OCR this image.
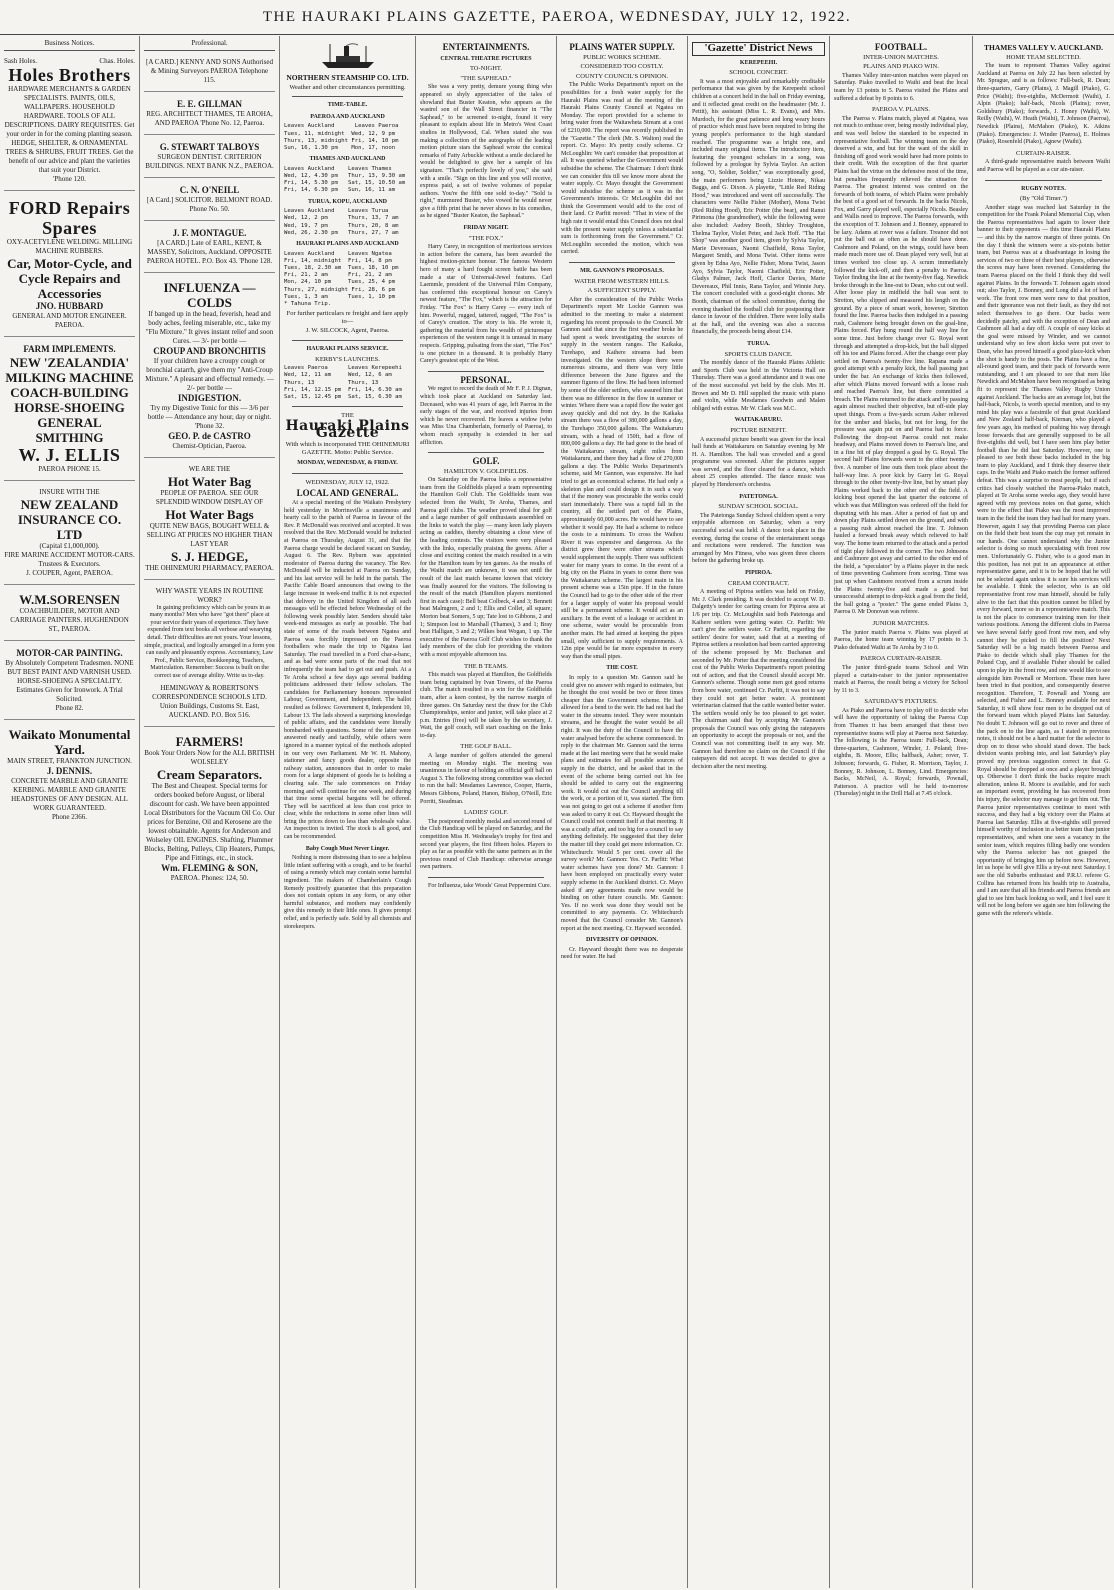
THE HAURAKI PLAINS GAZETTE, PAEROA, WEDNESDAY, JULY 12, 1922.
Business Notices.
Sash Holes.	Chas. Holes.
Holes Brothers
HARDWARE MERCHANTS & GARDEN SPECIALISTS. PAINTS, OILS, WALLPAPERS. HOUSEHOLD HARDWARE. TOOLS OF ALL DESCRIPTIONS. DAIRY REQUISITES. Get your order in for the coming planting season. HEDGE, SHELTER, & ORNAMENTAL TREES & SHRUBS, FRUIT TREES. Get the benefit of our advice and plant the varieties that suit your District.
'Phone 120.
FORD Repairs Spares
OXY-ACETYLENE WELDING. MILLING MACHINE RUBBERS.
Car, Motor-Cycle, and Cycle Repairs and Accessories
JNO. HUBBARD
GENERAL AND MOTOR ENGINEER. PAEROA.
FARM IMPLEMENTS.
NEW 'ZEALANDIA' MILKING MACHINE
COACH-BUILDING HORSE-SHOEING GENERAL SMITHING
W. J. ELLIS
PAEROA PHONE 15.
INSURE WITH THE
NEW ZEALAND INSURANCE CO. LTD
(Capital £1,000,000).
FIRE MARINE ACCIDENT MOTOR-CARS. Trustees & Executors.
J. COUPER, Agent, PAEROA.
W.M.SORENSEN
COACHBUILDER, MOTOR AND CARRIAGE PAINTERS. HUGHENDON ST., PAEROA.
MOTOR-CAR PAINTING.
By Absolutely Competent Tradesmen. NONE BUT BEST PAINT AND VARNISH USED. HORSE-SHOEING A SPECIALITY. Estimates Given for Ironwork. A Trial Solicited.
Phone 82.
Waikato Monumental Yard.
MAIN STREET, FRANKTON JUNCTION.
J. DENNIS.
CONCRETE MARBLE AND GRANITE KERBING. MARBLE AND GRANITE HEADSTONES OF ANY DESIGN. ALL WORK GUARANTEED.
Phone 2366.
Professional.
[A CARD.] KENNY AND SONS Authorised & Mining Surveyors PAEROA Telephone 115.
E. E. GILLMAN
REG. ARCHITECT THAMES, TE AROHA, AND PAEROA 'Phone No. 12, Paeroa.
G. STEWART TALBOYS
SURGEON DENTIST. CRITERION BUILDINGS. NEXT BANK N.Z., PAEROA.
C. N. O'NEILL
[A Card.] SOLICITOR. BELMONT ROAD. Phone No. 50.
J. F. MONTAGUE.
[A CARD.] Late of EARL, KENT, & MASSEY, Solicitors, Auckland. OPPOSITE PAEROA HOTEL. P.O. Box 43. 'Phone 128.
INFLUENZA — COLDS
If banged up in the head, feverish, head and body aches, feeling miserable, etc., take my "Flu Mixture." It gives instant relief and soon Cures. — 3/- per bottle —
CROUP AND BRONCHITIS
If your children have a croupy cough or bronchial catarrh, give them my "Anti-Croup Mixture." A pleasant and effectual remedy. — 2/- per bottle —
INDIGESTION.
Try my Digestive Tonic for this — 3/6 per bottle — Attendance any hour, day or night. 'Phone 32.
GEO. P. de CASTRO
Chemist-Optician, Paeroa.
WE ARE THE
Hot Water Bag
PEOPLE OF PAEROA. SEE OUR SPLENDID WINDOW DISPLAY OF
Hot Water Bags
QUITE NEW BAGS, BOUGHT WELL & SELLING AT PRICES NO HIGHER THAN LAST YEAR
S. J. HEDGE,
THE OHINEMURI PHARMACY, PAEROA.
WHY WASTE YEARS IN ROUTINE WORK?
In gaining proficiency which can be yours in as many months? Men who have "got there" place at your service their years of experience. They have expended from text books all verbose and wearying detail. Their difficulties are not yours. Your lessons, simple, practical, and logically arranged in a form you can easily and pleasantly express. Accountancy, Law Prof., Public Service, Bookkeeping, Teachers, Matriculation. Remember: Success is built on the correct use of average ability. Write us to-day.
HEMINGWAY & ROBERTSON'S CORRESPONDENCE SCHOOLS LTD.
Union Buildings, Customs St. East, AUCKLAND. P.O. Box 516.
FARMERS!
Book Your Orders Now for the ALL BRITISH WOLSELEY
Cream Separators.
The Best and Cheapest. Special terms for orders booked before August, or liberal discount for cash. We have been appointed Local Distributors for the Vacuum Oil Co. Our prices for Benzine, Oil and Kerosene are the lowest obtainable. Agents for Anderson and Wolseley OIL ENGINES. Shafting, Plummer Blocks, Belting, Pulleys, Clip Heaters, Pumps, Pipe and Fittings, etc., in stock.
Wm. FLEMING & SON,
PAEROA. Phones: 124, 50.
NORTHERN STEAMSHIP CO. LTD.
Weather and other circumstances permitting.
TIME-TABLE.
PAEROA AND AUCKLAND
Leaves Auckland      Leaves Paeroa
Tues, 11, midnight  Wed, 12, 9 pm
Thurs, 13, midnight Fri, 14, 10 pm
Sun, 16, 1.30 pm    Mon, 17, noon
THAMES AND AUCKLAND
Leaves Auckland    Leaves Thames
Wed, 12, 4.30 pm   Thur, 13, 9.30 am
Fri, 14, 5.30 pm   Sat, 15, 10.50 am
Fri, 14, 6.30 pm   Sun, 16, 11 am
TURUA, KOPU, AUCKLAND
Leaves Auckland    Leaves Turua
Wed, 12, 2 pm      Thurs, 13, 7 am
Wed, 19, 7 pm      Thurs, 20, 8 am
Wed, 26, 2.30 pm   Thurs, 27, 7 am
HAURAKI PLAINS AND AUCKLAND
Leaves Auckland    Leaves Ngatea
Fri, 14, midnight  Fri, 14, 8 pm
Tues, 18, 2.30 am  Tues, 18, 10 pm
Fri, 21, 2 am      Fri, 21, 2 am
Mon, 24, 10 pm     Tues, 25, 4 pm
Thurs, 27, midnight Fri, 28, 6 pm
Tues, 1, 3 am      Tues, 1, 10 pm
* Tahuna Trip.
For further particulars re freight and fare apply to—
J. W. SILCOCK, Agent, Paeroa.
HAURAKI PLAINS SERVICE.
KERBY'S LAUNCHES.
Leaves Paeroa      Leaves Kerepeehi
Wed, 12, 11 am     Wed, 12, 6 am
Thurs, 13          Thurs, 13
Fri, 14, 12.15 pm  Fri, 14, 6.30 am
Sat, 15, 12.45 pm  Sat, 15, 6.30 am
THE
Hauraki Plains Gazette
With which is incorporated THE OHINEMURI GAZETTE. Motto: Public Service.
MONDAY, WEDNESDAY, & FRIDAY.
WEDNESDAY, JULY 12, 1922.
LOCAL AND GENERAL.
At a special meeting of the Waikato Presbytery held yesterday in Morrinsville a unanimous and hearty call to the parish of Paeroa in favour of the Rev. P. McDonald was received and accepted. It was resolved that the Rev. McDonald would be inducted at Paeroa on Thursday, August 31, and that the Paeroa charge would be declared vacant on Sunday, August 6. The Rev. Ryburn was appointed moderator of Paeroa during the vacancy. The Rev. McDonald will be inducted at Paeroa on Sunday, and his last service will be held in the parish. The Pacific Cable Board announces that owing to the large increase in week-end traffic it is not expected that delivery in the United Kingdom of all such messages will be effected before Wednesday of the following week possibly later. Senders should take week-end messages as early as possible. The bad state of some of the roads between Ngatea and Paeroa was forcibly impressed on the Paeroa footballers who made the trip to Ngatea last Saturday. The road travelled in a Ford char-a-banc, and as bad were some parts of the road that not infrequently the team had to get out and push. At a Te Aroha school a few days ago several budding politicians addressed their fellow scholars. The candidates for Parliamentary honours represented Labour, Government, and Independent. The ballot resulted as follows: Government 8, Independent 10, Labour 13. The lads showed a surprising knowledge of public affairs, and the candidates were literally bombarded with questions. Some of the latter were answered neatly and tactfully, while others were ignored in a manner typical of the methods adopted in our very own Parliament. Mr W. H. Mahony, stationer and fancy goods dealer, opposite the railway station, announces that in order to make room for a large shipment of goods he is holding a clearing sale. The sale commences on Friday morning and will continue for one week, and during that time some special bargains will be offered. They will be sacrificed at less than cost price to clear, while the reductions in some other lines will bring the prices down to less than wholesale value. An inspection is invited. The stock is all good, and can be recommended.
Baby Cough Must Never Linger.
Nothing is more distressing than to see a helpless little infant suffering with a cough, and to be fearful of using a remedy which may contain some harmful ingredient. The makers of Chamberlain's Cough Remedy positively guarantee that this preparation does not contain opium in any form, or any other harmful substance, and mothers may confidently give this remedy to their little ones. It gives prompt relief, and is perfectly safe. Sold by all chemists and storekeepers.
ENTERTAINMENTS.
CENTRAL THEATRE PICTURES
TO-NIGHT.
"THE SAPHEAD."
She was a very pretty, demure young thing who appeared so shyly appreciative of the tales of showland that Buster Keaton, who appears as the wastrel son of the Wall Street financier in "The Saphead," to be screened to-night, found it very pleasant to explain about life in Metro's West Coast studios in Hollywood, Cal. When stated she was making a collection of the autographs of the leading motion picture stars the Saphead wrote the comical remarks of Fatty Arbuckle without a smile declared he would be delighted to give her a sample of his signature. "That's perfectly lovely of you," she said with a smile. "Sign on this line and you will receive, express paid, a set of twelve volumes of popular authors. You're the fifth one sold to-day." "Sold is right," murmured Buster, who vowed he would never give a fifth print that he never shows in his comedies, as he signed "Buster Keaton, the Saphead."
FRIDAY NIGHT.
"THE FOX."
Harry Carey, in recognition of meritorious services in action before the camera, has been awarded the highest motion-picture honour. The famous Western hero of many a hard fought screen battle has been made a star of Universal-Jewel features. Carl Laemmle, president of the Universal Film Company, has conferred this exceptional honour on Carey's newest feature, "The Fox," which is the attraction for Friday. "The Fox" is Harry Carey — every inch of him. Powerful, rugged, tattered, ragged, "The Fox" is of Carey's creation. The story is his. He wrote it, gathering the material from his wealth of picturesque experiences of the western range it is unusual in many respects. Gripping, pulsating from the start, "The Fox" is one picture in a thousand. It is probably Harry Carey's greatest epic of the West.
PERSONAL.
We regret to record the death of Mr F. P. J. Dignan, which took place at Auckland on Saturday last. Deceased, who was 41 years of age, left Paeroa in the early stages of the war, and received injuries from which he never recovered. He leaves a widow (who was Miss Una Chamberlain, formerly of Paeroa), to whom much sympathy is extended in her sad affliction.
GOLF.
HAMILTON V. GOLDFIELDS.
On Saturday on the Paeroa links a representative team from the Goldfields played a team representing the Hamilton Golf Club. The Goldfields team was selected from the Waihi, Te Aroha, Thames, and Paeroa golf clubs. The weather proved ideal for golf and a large number of golf enthusiasts assembled on the links to watch the play — many keen lady players acting as caddies, thereby obtaining a close view of the leading contests. The visitors were very pleased with the links, especially praising the greens. After a close and exciting contest the match resulted in a win for the Hamilton team by ten games. As the results of the Waihi match are unknown, it was not until the result of the last match became known that victory was finally assured for the visitors. The following is the result of the match (Hamilton players mentioned first in each case): Bell beat Colbeck, 4 and 3; Bennett beat Malmgren, 2 and 1; Ellis and Collet, all square; Morton beat Somers, 5 up; Tate lost to Gibbons, 2 and 1; Simpson lost to Marshall (Thames), 3 and 1; Bray beat Halligan, 3 and 2; Wilkes beat Wogan, 1 up. The executive of the Paeroa Golf Club wishes to thank the lady members of the club for providing the visitors with a most enjoyable afternoon tea.
THE B TEAMS.
This match was played at Hamilton, the Goldfields team being captained by Ivan Towers, of the Paeroa club. The match resulted in a win for the Goldfields team, after a keen contest, by the narrow margin of three games. On Saturday next the draw for the Club Championships, senior and junior, will take place at 2 p.m. Entries (free) will be taken by the secretary, J. Watt, the golf couch, will start coaching on the links to-day.
THE GOLF BALL.
A large number of golfers attended the general meeting on Monday night. The meeting was unanimous in favour of holding an official golf ball on August 3. The following strong committee was elected to run the ball: Mesdames Lawrence, Cooper, Harris, Messrs Gibbons, Poland, Hanon, Bishop, O'Neill, Eric Porritt, Steadman.
LADIES' GOLF.
The postponed monthly medal and second round of the Club Handicap will be played on Saturday, and the competition Miss H. Wednesday's trophy for first and second year players, the first fifteen holes. Players to play as far as possible with the same partners as in the previous round of Club Handicap: otherwise arrange own partners.
For Influenza, take Woods' Great Peppermint Cure.
PLAINS WATER SUPPLY.
PUBLIC WORKS SCHEME.
CONSIDERED TOO COSTLY.
COUNTY COUNCIL'S OPINION.
The Public Works Department's report on the possibilities for a fresh water supply for the Hauraki Plains was read at the meeting of the Hauraki Plains County Council at Ngatea on Monday. The report provided for a scheme to bring water from the Waitawheta Stream at a cost of £210,000. The report was recently published in the "Gazette." The clerk (Mr. S. Walton) read the report. Cr. Mayo: It's pretty costly scheme. Cr McLoughlin: We can't consider that proposition at all. It was queried whether the Government would subsidise the scheme. The Chairman: I don't think we can consider this till we know more about the water supply. Cr. Mayo thought the Government would subsidise the scheme as it was in the Government's interests. Cr McLoughlin did not think the Government would add to the cost of their land. Cr Parfitt moved: "That in view of the high rate it would entail this Council does not deal with the present water supply unless a substantial sum is forthcoming from the Government." Cr. McLoughlin seconded the motion, which was carried.
MR. GANNON'S PROPOSALS.
WATER FROM WESTERN HILLS.
A SUFFICIENT SUPPLY.
After the consideration of the Public Works Department's report Mr Lockie Gannon was admitted to the meeting to make a statement regarding his recent proposals to the Council. Mr Gannon said that since the first weather broke he had spent a week investigating the sources of supply in the western ranges. The Kaikaka, Turehapo, and Kaihere streams had been investigated. On the western slope there were numerous streams, and there was very little difference between the June figures and the summer figures of the flow. He had been informed by some of the older settlers, who assured him that there was no difference in the flow in summer or winter. Where there was a rapid flow the water got away quickly and did not dry. In the Kaikaka stream there was a flow of 380,000 gallons a day, the Turehapo 350,000 gallons. The Waitakaruru stream, with a head of 150ft, had a flow of 800,000 gallons a day. He had gone to the head of the Waitakaruru stream, eight miles from Waitakaruru, and there they had a flow of 270,000 gallons a day. The Public Works Department's scheme, said Mr Gannon, was expensive. He had tried to get an economical scheme. He had only a skeleton plan and could design it in such a way that if the money was procurable the works could start immediately. There was a rapid fall in the country, all the settled part of the Plains, approximately 60,000 acres. He would have to see whether it would pay. He had a scheme to reduce the costs to a minimum. To cross the Waihou River it was expensive and dangerous. As the district grew there were other streams which would supplement the supply. There was sufficient water for many years to come. In the event of a big city on the Plains in years to come there was the Waitakaruru scheme. The largest main in his present scheme was a 15in pipe. If in the future the Council had to go to the other side of the river for a larger supply of water his proposal would still be a permanent scheme. It would act as an auxiliary. In the event of a leakage or accident in one scheme, water would be procurable from another main. He had aimed at keeping the pipes small, only sufficient to supply requirements. A 12in pipe would be far more expensive in every way than the small pipes.
THE COST.
In reply to a question Mr. Gannon said he could give no answer with regard to estimates, but he thought the cost would be two or three times cheaper than the Government scheme. He had allowed for a bend to the weir. He had not had the water in the streams tested. They were mountain streams, and he thought the water would be all right. It was the duty of the Council to have the water analysed before the scheme commenced. In reply to the chairman Mr. Gannon said the terms made at the last meeting were that he would make plans and estimates for all possible sources of supply in the district, and he asked that in the event of the scheme being carried out his fee should be added to carry out the engineering work. It would cut out the Council anything till the work, or a portion of it, was started. The firm was not going to get out a scheme if another firm was asked to carry it out. Cr. Hayward thought the Council could not commit itself at that meeting. It was a costly affair, and too big for a council to say anything definitely. He suggested that they defer the matter till they could get more information. Cr. Whitechurch: Would 5 per cent. cover all the survey work? Mr. Gannon: Yes. Cr. Parfitt: What water schemes have you done? Mr. Gannon: I have been employed on practically every water supply scheme in the Auckland district. Cr. Mayo asked if any agreements made now would be binding on other future councils. Mr. Gannon: Yes. If no work was done they would not be committed to any payments. Cr. Whitechurch moved that the Council consider Mr. Gannon's report at the next meeting. Cr. Hayward seconded.
DIVERSITY OF OPINION.
Cr. Hayward thought there was no desperate need for water. He had
'Gazette' District News
KEREPEEHI.
SCHOOL CONCERT.
It was a most enjoyable and remarkably creditable performance that was given by the Kerepeehi school children at a concert held in the hall on Friday evening, and it reflected great credit on the headmaster (Mr. J. Pettit), his assistant (Miss L. R. Evans), and Mrs. Murdoch, for the great patience and long weary hours of practice which must have been required to bring the young people's performance to the high standard reached. The programme was a bright one, and included many original items. The introductory item, featuring the youngest scholars in a song, was followed by a prologue by Sylvia Taylor. An action song, "O, Soldier, Soldier," was exceptionally good, the main performers being Lizzie Hotene, Nikau Baggs, and G. Dixon. A playette, "Little Red Riding Hood," was introduced and went off successfully. The characters were Nellie Fisher (Mother), Mona Twist (Red Riding Hood), Eric Potter (the bear), and Ranui Pirimona (the grandmother), while the following were also included: Audrey Booth, Shirley Troughton, Thelma Taylor, Violet Peter, and Jack Hoff. "The Hat Shop" was another good item, given by Sylvia Taylor, Marie Devereaux, Naomi Chatfield, Rona Taylor, Margaret Smith, and Mona Twist. Other items were given by Edna Ayo, Nellie Fisher, Mona Twist, Jason Ayo, Sylvia Taylor, Naomi Chatfield, Eric Potter, Gladys Palmer, Jack Hoff, Clarice Davies, Marie Devereaux, Phil Innis, Rana Taylor, and Winnie Jury. The concert concluded with a good-night chorus. Mr Booth, chairman of the school committee, during the evening thanked the football club for postponing their dance in favour of the children. There were lolly stalls at the hall, and the evening was also a success financially, the proceeds being about £14.
TURUA.
SPORTS CLUB DANCE.
The monthly dance of the Hauraki Plains Athletic and Sports Club was held in the Victoria Hall on Thursday. There was a good attendance and it was one of the most successful yet held by the club. Mrs H. Brown and Mr D. Hill supplied the music with piano and violin, while Mesdames Goodwin and Malen obliged with extras. Mr W. Clark was M.C.
WAITAKARURU.
PICTURE BENEFIT.
A successful picture benefit was given for the local hall funds at Waitakaruru on Saturday evening by Mr H. A. Hamilton. The hall was crowded and a good programme was screened. After the pictures supper was served, and the floor cleared for a dance, which about 25 couples attended. The dance music was played by Henderson's orchestra.
PATETONGA.
SUNDAY SCHOOL SOCIAL.
The Patetonga Sunday School children spent a very enjoyable afternoon on Saturday, when a very successful social was held. A dance took place in the evening, during the course of the entertainment songs and recitations were rendered. The function was arranged by Mrs Fitness, who was given three cheers before the gathering broke up.
PIPIROA.
CREAM CONTRACT.
A meeting of Pipiroa settlers was held on Friday, Mr. J. Clark presiding. It was decided to accept W. D. Dalgetty's tender for carting cream for Pipiroa area at 1/6 per trip. Cr. McLoughlin said both Patetonga and Kaihere settlers were getting water. Cr. Parfitt: We can't give the settlers water. Cr Parfitt, regarding the settlers' desire for water, said that at a meeting of Pipiroa settlers a resolution had been carried approving of the scheme proposed by Mr. Buchanan and seconded by Mr. Porter that the meeting considered the cost of the Public Works Department's report pointing out of action, and that the Council should accept Mr. Gannon's scheme. Though some men got good returns from bore water, continued Cr. Parfitt, it was not to say they could not get better water. A prominent veterinarian claimed that the cattle wanted better water. The settlers would only be too pleased to get water. The chairman said that by accepting Mr Gannon's proposals the Council was only giving the ratepayers an opportunity to accept the proposals or not, and the Council was not committing itself in any way. Mr. Gannon had therefore no claim on the Council if the ratepayers did not accept. It was decided to give a decision after the next meeting.
FOOTBALL.
INTER-UNION MATCHES.
PLAINS AND PIAKO WIN.
Thames Valley inter-union matches were played on Saturday. Piako travelled to Waihi and beat the local team by 13 points to 5. Paeroa visited the Plains and suffered a defeat by 8 points to 6.
PAEROA V. PLAINS.
The Paeroa v. Plains match, played at Ngatea, was not much to enthuse over, being mostly individual play, and was well below the standard to be expected in representative football. The winning team on the day deserved a win, and but for the want of the skill in finishing off good work would have had more points to their credit. With the exception of the first quarter Plains had the virtue on the defensive most of the time, but penalties frequently relieved the situation for Paeroa. The greatest interest was centred on the forwards of both teams, of which Plains were probably the best of a good set of forwards. In the backs Nicols, Fox, and Garry played well, especially Nicols. Beasley and Wallis need to improve. The Paeroa forwards, with the exception of T. Johnson and J. Bonney, appeared to be lazy. Adams at rover was a failure. Treanor did not put the ball out as often as he should have done. Cashmore and Poland, on the wings, could have been made much more use of. Dean played very well, but at times worked too close up. A scrum immediately followed the kick-off, and then a penalty to Paeroa. Taylor finding the line at the twenty-five flag. Newdick broke through in the line-out to Dean, who cut out well. After loose play in midfield the ball was sent to Stretton, who slipped and measured his length on the ground. By a piece of smart work, however, Stretton found the line. Paeroa backs then indulged in a passing rush, Cashmore being brought down on the goal-line, Plains forced. Play hung round the half way line for some time. Just before change over G. Royal went through and attempted a drop-kick, but the ball slipped off his toe and Plains forced. After the change over play settled on Paeroa's twenty-five line. Rapana made a good attempt with a penalty kick, the ball passing just under the bar. An exchange of kicks then followed, after which Plains moved forward with a loose rush and reached Paeroa's line, but there committed a breach. The Plains returned to the attack and by passing again almost reached their objective, but off-side play upset things. From a five-yards scrum Asher relieved for the umber and blacks, but not for long, for the pressure was again put on and Paeroa had to force. Following the drop-out Paeroa could not make headway, and Plains moved down to Paeroa's line, and in a fine bit of play dropped a goal by G. Royal. The second half Plains forwards went to the other twenty-five. A number of line outs then took place about the half-way line. A poor kick by Garry let G. Royal through to the other twenty-five line, but by smart play Plains worked back to the other end of the field. A kicking bout opened the last quarter the outcome of which was that Millington was ordered off the field for disputing with his man. After a period of fast up and down play Plains settled down on the ground, and with a passing rush almost reached the line. T. Johnson hauled a forward break away which relieved to half way. The home team returned to the attack and a period of tight play followed in the corner. The two Johnsons and Cashmore got away and carried to the other end of the field, a "speculator" by a Plains player in the neck of time preventing Cashmore from scoring. Time was just up when Cashmore received from a scrum inside the Plains twenty-five and made a good but unsuccessful attempt to drop-kick a goal from the field, the ball going a "poster." The game ended Plains 3, Paeroa 0. Mr Donovan was referee.
JUNIOR MATCHES.
The junior match Paeroa v. Plains was played at Paeroa, the home team winning by 17 points to 3. Piako defeated Waihi at Te Aroha by 3 to 0.
PAEROA CURTAIN-RAISER.
The junior third-grade teams School and Win played a curtain-raiser to the junior representative match at Paeroa, the result being a victory for School by 11 to 3.
SATURDAY'S FIXTURES.
As Piako and Paeroa have to play off to decide who will have the opportunity of taking the Paeroa Cup from Thames it has been arranged that these two representative teams will play at Paeroa next Saturday. The following is the Paeroa team: Full-back, Dean; three-quarters, Cashmore, Winder, J. Poland; five-eighths, B. Moore, Ellis; halfback, Asher; rover, T. Johnson; forwards, G. Fisher, R. Morrison, Taylor, J. Bonney, R. Johnson, L. Bonney, Lind. Emergencies: Backs, McNeil, A. Royal; forwards, Pownall, Patterson. A practice will be held to-morrow (Thursday) night in the Drill Hall at 7.45 o'clock.
THAMES VALLEY V. AUCKLAND.
HOME TEAM SELECTED.
The team to represent Thames Valley against Auckland at Paeroa on July 22 has been selected by Mr. Sprague, and is as follows: Full-back, R. Dean; three-quarters, Garry (Plains), J. Magill (Piako), G. Price (Waihi); five-eighths, McDermott (Waihi), J. Alpin (Piako); half-back, Nicols (Plains); rover, Goldsbury (Piako); forwards, J. Honey (Waihi), W. Reilly (Waihi), W. Heath (Waihi), T. Johnson (Paeroa), Newdick (Plains), McMahon (Piako), K. Atkins (Piako). Emergencies: J. Winder (Paeroa), E. Holmes (Piako), Rosenfeld (Piako), Agnew (Waihi).
CURTAIN-RAISER.
A third-grade representative match between Waihi and Paeroa will be played as a cur ain-raiser.
RUGBY NOTES.
(By "Old Timer.")
Another stage was reached last Saturday in the competition for the Frank Poland Memorial Cup, when the Paeroa representatives had again to lower their banner to their opponents — this time Hauraki Plains — and this by the narrow margin of three points. On the day I think the winners were a six-points better team, but Paeroa was at a disadvantage in losing the services of two or three of their best players, otherwise the scores may have been reversed. Considering the team Paeroa placed on the field I think they did well against Plains. In the forwards T. Johnson again stood out; also Taylor, J. Bonney, and Long did a lot of hard work. The front row men were new to that position, and their ignorance was not their fault, as they did not select themselves to go there. Our backs were decidedly patchy, and with the exception of Dean and Cashmore all had a day off. A couple of easy kicks at the goal were missed by Winder, and we cannot understand why so few short kicks were put over to Dean, who has proved himself a good place-kick when the shot is handy to the posts. The Plains have a fine, all-round good team, and their pack of forwards were outstanding, and I am pleased to see that men like Newdick and McMahon have been recognised as being fit to represent the Thames Valley Rugby Union against Auckland. The backs are an average lot, but the half-back, Nicols, is worth special mention, and to my mind his play was a facsimile of that great Auckland and New Zealand half-back, Kiernan, who played a few years ago, his method of pushing his way through loose forwards that are generally supposed to be all five-eighths did well, but I have seen him play better football than he did last Saturday. However, one is pleased to see both these backs included in the big team to play Auckland, and I think they deserve their caps. In the Waihi and Piako match the former suffered defeat. This was a surprise to most people, but if such critics had closely watched the Paeroa-Piako match, played at Te Aroha some weeks ago, they would have agreed with my previous notes on that game, which were to the effect that Piako was the most improved team in the field the team they had had for many years. However, again I say that providing Paeroa can place on the field their best team the cup may yet remain in our hands. One cannot understand why the Junior selector is doing so much speculating with front row men. Unfortunately G. Fisher, who is a good man in this position, has not put in an appearance at either representative game, and it is to be hoped that he will not be selected again unless it is sure his services will be available. I think the selector, who is an old representative front row man himself, should be fully alive to the fact that this position cannot be filled by every forward, more so in a representative match. This is not the place to commence training men for their various positions. Among the different clubs in Paeroa we have several fairly good front row men, and why cannot they be picked to fill the position? Next Saturday will be a big match between Paeroa and Piako to decide which shall play Thames for the Poland Cup, and if available Fisher should be called upon to play in the front row, and one would like to see alongside him Pownall or Morrison. These men have been tried in that position, and consequently deserve recognition. Therefore, T. Pownall and Young are selected, and Fisher and L. Bonney available for next Saturday, it will show four men to be dropped out of the forward team which played Plains last Saturday. No doubt T. Johnson will go out to rover and three of the pack on to the line again, as I stated in previous notes, it should not be a hard matter for the selector to drop on to those who should stand down. The back division wants probing into, and last Saturday's play proved my previous suggestion correct in that G. Royal should be dropped at once and a player brought up. Otherwise I don't think the backs require much alteration, unless R. Moore is available, and for such an important event, providing he has recovered from his injury, the selector may manage to get him out. The Paeroa junior representatives continue to meet with success, and they had a big victory over the Plains at Paeroa last Saturday. Ellis at five-eighths still proved himself worthy of inclusion in a better team than junior representatives, and when one sees a vacancy in the senior team, which requires filling badly one wonders why the Paeroa selector has not grasped the opportunity of bringing him up before now. However, let us hope he will give Ellis a try-out next Saturday. I see the old Suburbs enthusiast and P.R.U. referee G. Collins has returned from his health trip to Australia, and I am sure that all his friends and Paeroa friends are glad to see him back looking so well, and I feel sure it will not be long before we again see him following the game with the referee's whistle.
